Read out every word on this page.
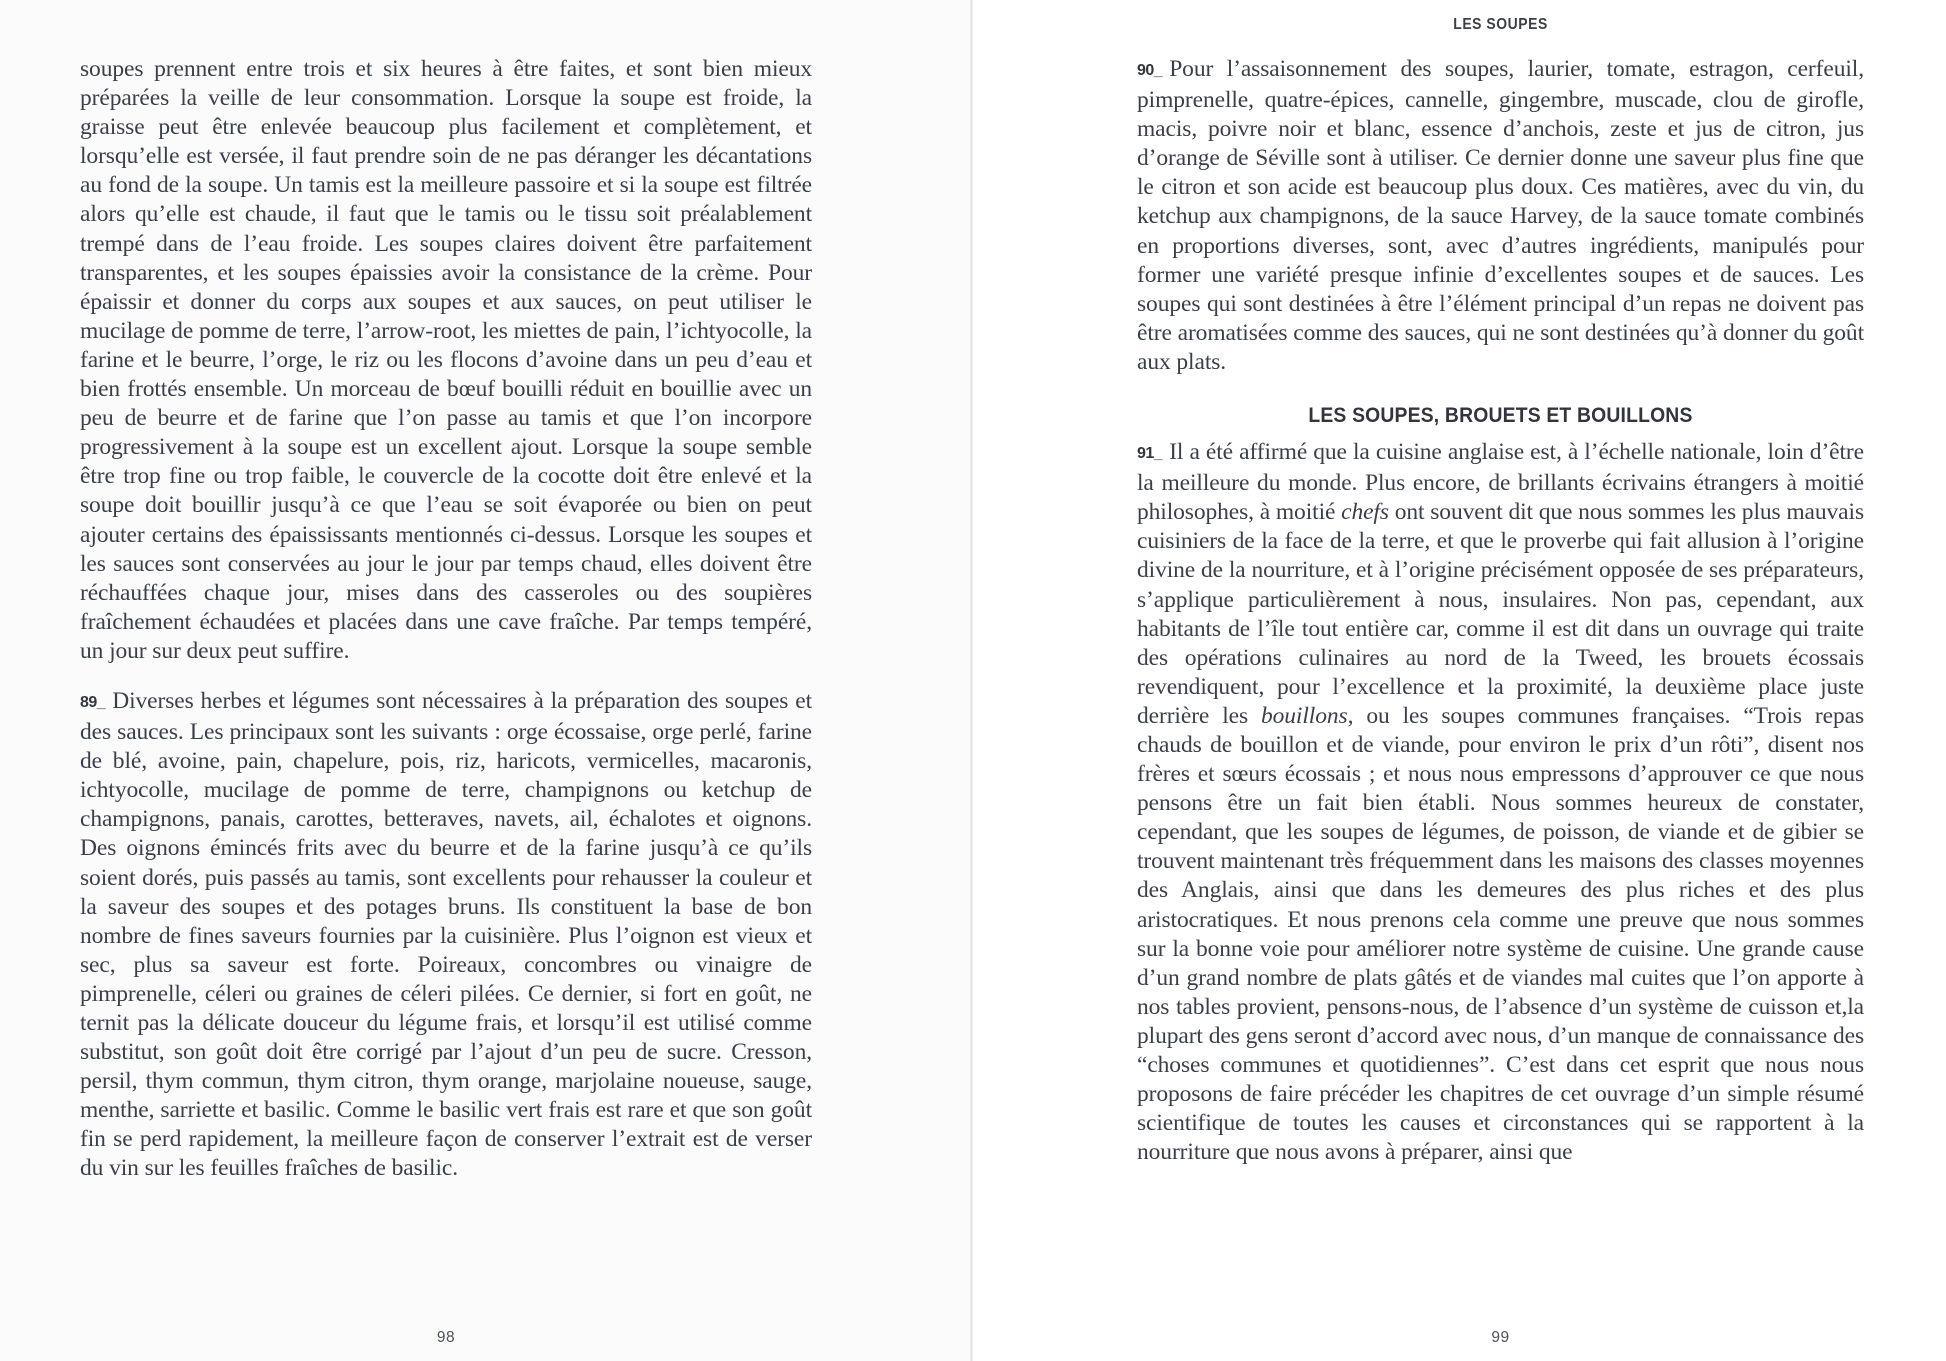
soupes prennent entre trois et six heures à être faites, et sont bien mieux préparées la veille de leur consommation. Lorsque la soupe est froide, la graisse peut être enlevée beaucoup plus facilement et complètement, et lorsqu’elle est versée, il faut prendre soin de ne pas déranger les décantations au fond de la soupe. Un tamis est la meilleure passoire et si la soupe est filtrée alors qu’elle est chaude, il faut que le tamis ou le tissu soit préalablement trempé dans de l’eau froide. Les soupes claires doivent être parfaitement transparentes, et les soupes épaissies avoir la consistance de la crème. Pour épaissir et donner du corps aux soupes et aux sauces, on peut utiliser le mucilage de pomme de terre, l’arrow-root, les miettes de pain, l’ichtyocolle, la farine et le beurre, l’orge, le riz ou les flocons d’avoine dans un peu d’eau et bien frottés ensemble. Un morceau de bœuf bouilli réduit en bouillie avec un peu de beurre et de farine que l’on passe au tamis et que l’on incorpore progressivement à la soupe est un excellent ajout. Lorsque la soupe semble être trop fine ou trop faible, le couvercle de la cocotte doit être enlevé et la soupe doit bouillir jusqu’à ce que l’eau se soit évaporée ou bien on peut ajouter certains des épaississants mentionnés ci-dessus. Lorsque les soupes et les sauces sont conservées au jour le jour par temps chaud, elles doivent être réchauffées chaque jour, mises dans des casseroles ou des soupières fraîchement échaudées et placées dans une cave fraîche. Par temps tempéré, un jour sur deux peut suffire.

89_ Diverses herbes et légumes sont nécessaires à la préparation des soupes et des sauces. Les principaux sont les suivants : orge écossaise, orge perlé, farine de blé, avoine, pain, chapelure, pois, riz, haricots, vermicelles, macaronis, ichtyocolle, mucilage de pomme de terre, champignons ou ketchup de champignons, panais, carottes, betteraves, navets, ail, échalotes et oignons. Des oignons émincés frits avec du beurre et de la farine jusqu’à ce qu’ils soient dorés, puis passés au tamis, sont excellents pour rehausser la couleur et la saveur des soupes et des potages bruns. Ils constituent la base de bon nombre de fines saveurs fournies par la cuisinière. Plus l’oignon est vieux et sec, plus sa saveur est forte. Poireaux, concombres ou vinaigre de pimprenelle, céleri ou graines de céleri pilées. Ce dernier, si fort en goût, ne ternit pas la délicate douceur du légume frais, et lorsqu’il est utilisé comme substitut, son goût doit être corrigé par l’ajout d’un peu de sucre. Cresson, persil, thym commun, thym citron, thym orange, marjolaine noueuse, sauge, menthe, sarriette et basilic. Comme le basilic vert frais est rare et que son goût fin se perd rapidement, la meilleure façon de conserver l’extrait est de verser du vin sur les feuilles fraîches de basilic.

98
LES SOUPES

90_ Pour l’assaisonnement des soupes, laurier, tomate, estragon, cerfeuil, pimprenelle, quatre-épices, cannelle, gingembre, muscade, clou de girofle, macis, poivre noir et blanc, essence d’anchois, zeste et jus de citron, jus d’orange de Séville sont à utiliser. Ce dernier donne une saveur plus fine que le citron et son acide est beaucoup plus doux. Ces matières, avec du vin, du ketchup aux champignons, de la sauce Harvey, de la sauce tomate combinés en proportions diverses, sont, avec d’autres ingrédients, manipulés pour former une variété presque infinie d’excellentes soupes et de sauces. Les soupes qui sont destinées à être l’élément principal d’un repas ne doivent pas être aromatisées comme des sauces, qui ne sont destinées qu’à donner du goût aux plats.

LES SOUPES, BROUETS ET BOUILLONS

91_ Il a été affirmé que la cuisine anglaise est, à l’échelle nationale, loin d’être la meilleure du monde. Plus encore, de brillants écrivains étrangers à moitié philosophes, à moitié chefs ont souvent dit que nous sommes les plus mauvais cuisiniers de la face de la terre, et que le proverbe qui fait allusion à l’origine divine de la nourriture, et à l’origine précisément opposée de ses préparateurs, s’applique particulièrement à nous, insulaires. Non pas, cependant, aux habitants de l’île tout entière car, comme il est dit dans un ouvrage qui traite des opérations culinaires au nord de la Tweed, les brouets écossais revendiquent, pour l’excellence et la proximité, la deuxième place juste derrière les bouillons, ou les soupes communes françaises. “Trois repas chauds de bouillon et de viande, pour environ le prix d’un rôti”, disent nos frères et sœurs écossais ; et nous nous empressons d’approuver ce que nous pensons être un fait bien établi. Nous sommes heureux de constater, cependant, que les soupes de légumes, de poisson, de viande et de gibier se trouvent maintenant très fréquemment dans les maisons des classes moyennes des Anglais, ainsi que dans les demeures des plus riches et des plus aristocratiques. Et nous prenons cela comme une preuve que nous sommes sur la bonne voie pour améliorer notre système de cuisine. Une grande cause d’un grand nombre de plats gâtés et de viandes mal cuites que l’on apporte à nos tables provient, pensons-nous, de l’absence d’un système de cuisson et,la plupart des gens seront d’accord avec nous, d’un manque de connaissance des “choses communes et quotidiennes”. C’est dans cet esprit que nous nous proposons de faire précéder les chapitres de cet ouvrage d’un simple résumé scientifique de toutes les causes et circonstances qui se rapportent à la nourriture que nous avons à préparer, ainsi que

99
